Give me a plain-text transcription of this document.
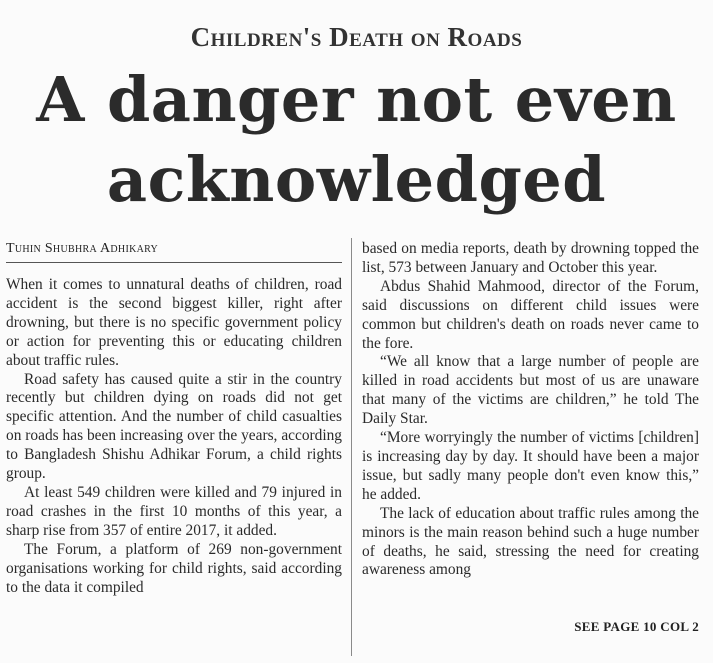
Children's Death on Roads
A danger not even acknowledged
Tuhin Shubhra Adhikary

When it comes to unnatural deaths of children, road accident is the second biggest killer, right after drowning, but there is no specific government policy or action for preventing this or educating children about traffic rules.

Road safety has caused quite a stir in the country recently but children dying on roads did not get specific attention. And the number of child casualties on roads has been increasing over the years, according to Bangladesh Shishu Adhikar Forum, a child rights group.

At least 549 children were killed and 79 injured in road crashes in the first 10 months of this year, a sharp rise from 357 of entire 2017, it added.

The Forum, a platform of 269 non-government organisations working for child rights, said according to the data it compiled

based on media reports, death by drowning topped the list, 573 between January and October this year.

Abdus Shahid Mahmood, director of the Forum, said discussions on different child issues were common but children's death on roads never came to the fore.

“We all know that a large number of people are killed in road accidents but most of us are unaware that many of the victims are children,” he told The Daily Star.

“More worryingly the number of victims [children] is increasing day by day. It should have been a major issue, but sadly many people don't even know this,” he added.

The lack of education about traffic rules among the minors is the main reason behind such a huge number of deaths, he said, stressing the need for creating awareness among

SEE PAGE 10 COL 2
